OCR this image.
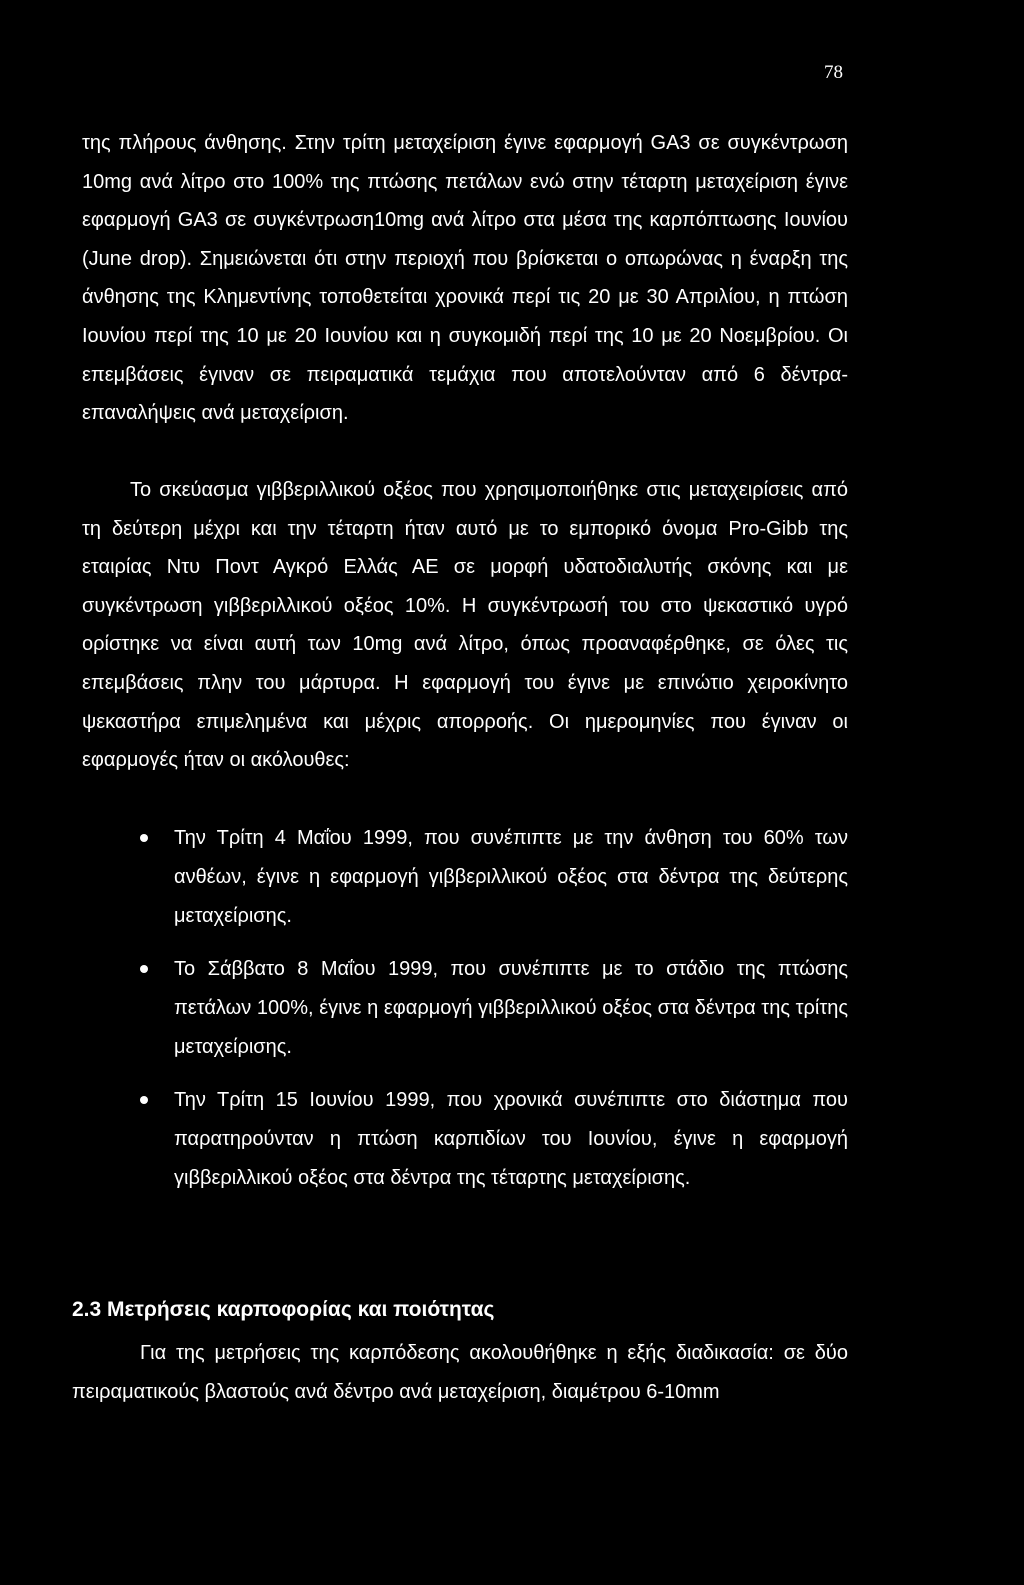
78

της πλήρους άνθησης. Στην τρίτη μεταχείριση έγινε εφαρμογή GA3 σε συγκέντρωση 10mg ανά λίτρο στο 100% της πτώσης πετάλων ενώ στην τέταρτη μεταχείριση έγινε εφαρμογή GA3 σε συγκέντρωση10mg ανά λίτρο στα μέσα της καρπόπτωσης Ιουνίου (June drop). Σημειώνεται ότι στην περιοχή που βρίσκεται ο οπωρώνας η έναρξη της άνθησης της Κλημεντίνης τοποθετείται χρονικά περί τις 20 με 30 Απριλίου, η πτώση Ιουνίου περί της 10 με 20 Ιουνίου και η συγκομιδή περί της 10 με 20 Νοεμβρίου. Οι επεμβάσεις έγιναν σε πειραματικά τεμάχια που αποτελούνταν από 6 δέντρα-επαναλήψεις ανά μεταχείριση.

Το σκεύασμα γιββεριλλικού οξέος που χρησιμοποιήθηκε στις μεταχειρίσεις από τη δεύτερη μέχρι και την τέταρτη ήταν αυτό με το εμπορικό όνομα Pro-Gibb της εταιρίας Ντυ Ποντ Αγκρό Ελλάς ΑΕ σε μορφή υδατοδιαλυτής σκόνης και με συγκέντρωση γιββεριλλικού οξέος 10%. Η συγκέντρωσή του στο ψεκαστικό υγρό ορίστηκε να είναι αυτή των 10mg ανά λίτρο, όπως προαναφέρθηκε, σε όλες τις επεμβάσεις πλην του μάρτυρα. Η εφαρμογή του έγινε με επινώτιο χειροκίνητο ψεκαστήρα επιμελημένα και μέχρις απορροής. Οι ημερομηνίες που έγιναν οι εφαρμογές ήταν οι ακόλουθες:

Την Τρίτη 4 Μαΐου 1999, που συνέπιπτε με την άνθηση του 60% των ανθέων, έγινε η εφαρμογή γιββεριλλικού οξέος στα δέντρα της δεύτερης μεταχείρισης.
Το Σάββατο 8 Μαΐου 1999, που συνέπιπτε με το στάδιο της πτώσης πετάλων 100%, έγινε η εφαρμογή γιββεριλλικού οξέος στα δέντρα της τρίτης μεταχείρισης.
Την Τρίτη 15 Ιουνίου 1999, που χρονικά συνέπιπτε στο διάστημα που παρατηρούνταν η πτώση καρπιδίων του Ιουνίου, έγινε η εφαρμογή γιββεριλλικού οξέος στα δέντρα της τέταρτης μεταχείρισης.
2.3 Μετρήσεις καρποφορίας και ποιότητας

Για της μετρήσεις της καρπόδεσης ακολουθήθηκε η εξής διαδικασία: σε δύο πειραματικούς βλαστούς ανά δέντρο ανά μεταχείριση, διαμέτρου 6-10mm
